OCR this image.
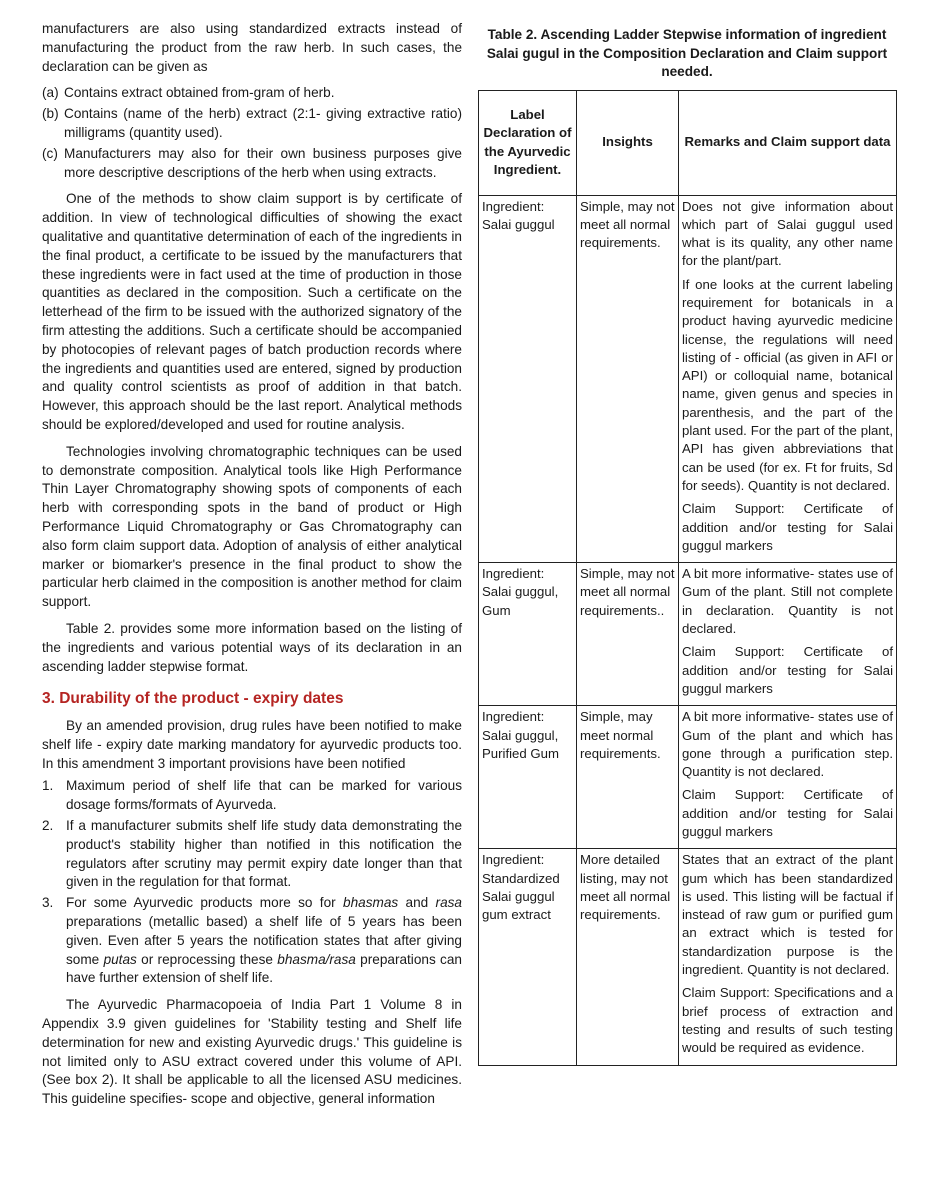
manufacturers are also using standardized extracts instead of manufacturing the product from the raw herb. In such cases, the declaration can be given as

(a) Contains extract obtained from-gram of herb.
(b) Contains (name of the herb) extract (2:1- giving extractive ratio) milligrams (quantity used).
(c) Manufacturers may also for their own business purposes give more descriptive descriptions of the herb when using extracts.

One of the methods to show claim support is by certificate of addition. In view of technological difficulties of showing the exact qualitative and quantitative determination of each of the ingredients in the final product, a certificate to be issued by the manufacturers that these ingredients were in fact used at the time of production in those quantities as declared in the composition. Such a certificate on the letterhead of the firm to be issued with the authorized signatory of the firm attesting the additions. Such a certificate should be accompanied by photocopies of relevant pages of batch production records where the ingredients and quantities used are entered, signed by production and quality control scientists as proof of addition in that batch. However, this approach should be the last report. Analytical methods should be explored/developed and used for routine analysis.

Technologies involving chromatographic techniques can be used to demonstrate composition. Analytical tools like High Performance Thin Layer Chromatography showing spots of components of each herb with corresponding spots in the band of product or High Performance Liquid Chromatography or Gas Chromatography can also form claim support data. Adoption of analysis of either analytical marker or biomarker's presence in the final product to show the particular herb claimed in the composition is another method for claim support.

Table 2. provides some more information based on the listing of the ingredients and various potential ways of its declaration in an ascending ladder stepwise format.

3. Durability of the product - expiry dates

By an amended provision, drug rules have been notified to make shelf life - expiry date marking mandatory for ayurvedic products too. In this amendment 3 important provisions have been notified

1. Maximum period of shelf life that can be marked for various dosage forms/formats of Ayurveda.
2. If a manufacturer submits shelf life study data demonstrating the product's stability higher than notified in this notification the regulators after scrutiny may permit expiry date longer than that given in the regulation for that format.
3. For some Ayurvedic products more so for bhasmas and rasa preparations (metallic based) a shelf life of 5 years has been given. Even after 5 years the notification states that after giving some putas or reprocessing these bhasma/rasa preparations can have further extension of shelf life.

The Ayurvedic Pharmacopoeia of India Part 1 Volume 8 in Appendix 3.9 given guidelines for 'Stability testing and Shelf life determination for new and existing Ayurvedic drugs.' This guideline is not limited only to ASU extract covered under this volume of API. (See box 2). It shall be applicable to all the licensed ASU medicines. This guideline specifies- scope and objective, general information

Table 2. Ascending Ladder Stepwise information of ingredient Salai gugul in the Composition Declaration and Claim support needed.
Label Declaration of the Ayurvedic Ingredient.	Insights	Remarks and Claim support data
Ingredient: Salai guggul	Simple, may not meet all normal requirements.	Does not give information about which part of Salai guggul used what is its quality, any other name for the plant/part.
If one looks at the current labeling requirement for botanicals in a product having ayurvedic medicine license, the regulations will need listing of - official (as given in AFI or API) or colloquial name, botanical name, given genus and species in parenthesis, and the part of the plant used. For the part of the plant, API has given abbreviations that can be used (for ex. Ft for fruits, Sd for seeds). Quantity is not declared.
Claim Support: Certificate of addition and/or testing for Salai guggul markers

Ingredient: Salai guggul, Gum	Simple, may not meet all normal requirements..	A bit more informative- states use of Gum of the plant. Still not complete in declaration. Quantity is not declared.
Claim Support: Certificate of addition and/or testing for Salai guggul markers

Ingredient: Salai guggul, Purified Gum	Simple, may meet normal requirements.	A bit more informative- states use of Gum of the plant and which has gone through a purification step. Quantity is not declared.
Claim Support: Certificate of addition and/or testing for Salai guggul markers

Ingredient: Standardized Salai guggul gum extract	More detailed listing, may not meet all normal requirements.	States that an extract of the plant gum which has been standardized is used. This listing will be factual if instead of raw gum or purified gum an extract which is tested for standardization purpose is the ingredient. Quantity is not declared.
Claim Support: Specifications and a brief process of extraction and testing and results of such testing would be required as evidence.
